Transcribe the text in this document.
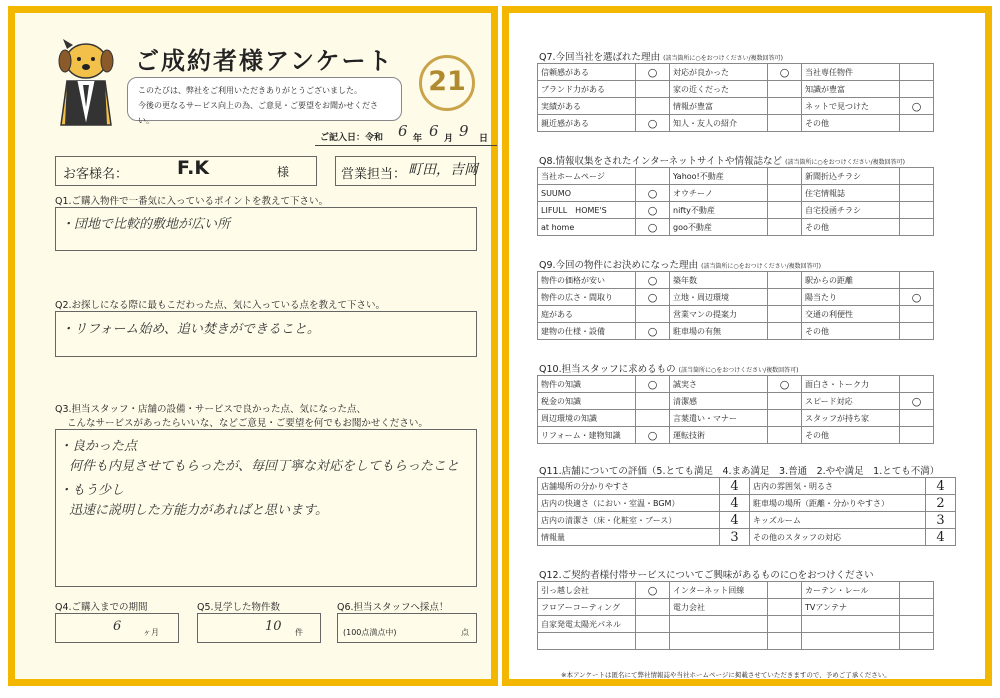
ご成約者様アンケート
このたびは、弊社をご利用いただきありがとうございました。
今後の更なるサービス向上の為、ご意見・ご要望をお聞かせください。
21
ご記入日：令和 6 年 6 月 9 日
お客様名：	F.K	様	営業担当： 町田，吉岡
Q1.ご購入物件で一番気に入っているポイントを教えて下さい。
・団地で比較的敷地が広い所
Q2.お探しになる際に最もこだわった点、気に入っている点を教えて下さい。
・リフォーム始め、追い焚きができること。
Q3.担当スタッフ・店舗の設備・サービスで良かった点、気になった点、
こんなサービスがあったらいいな、などご意見・ご要望を何でもお聞かせください。
・良かった点
何件も内見させてもらったが、毎回丁寧な対応をしてもらったこと
・もう少し
迅速に説明した方能力があればと思います。
Q4.ご購入までの期間
6	ヶ月
Q5.見学した物件数
10 件
Q6.担当スタッフへ採点！
(100点満点中)	点
Q7.今回当社を選ばれた理由 (該当箇所に○をおつけください/複数回答可)
信頼感がある	○	対応が良かった	○	当社専任物件	
ブランド力がある		家の近くだった		知識が豊富	
実績がある		情報が豊富		ネットで見つけた	○
親近感がある	○	知人・友人の紹介		その他	
Q8.情報収集をされたインターネットサイトや情報誌など (該当箇所に○をおつけください/複数回答可)
当社ホームページ		Yahoo!不動産		新聞折込チラシ	
SUUMO	○	オウチーノ		住宅情報誌	
LIFULL　HOME'S	○	nifty不動産		自宅投函チラシ	
at home	○	goo不動産		その他	
Q9.今回の物件にお決めになった理由 (該当箇所に○をおつけください/複数回答可)
物件の価格が安い	○	築年数		駅からの距離	
物件の広さ・間取り	○	立地・周辺環境		陽当たり	○
庭がある		営業マンの提案力		交通の利便性	
建物の仕様・設備	○	駐車場の有無		その他	
Q10.担当スタッフに求めるもの (該当箇所に○をおつけください/複数回答可)
物件の知識	○	誠実さ	○	面白さ・トーク力	
税金の知識		清潔感		スピード対応	○
周辺環境の知識		言葉遣い・マナー		スタッフが持ち家	
リフォーム・建物知識	○	運転技術		その他	
Q11.店舗についての評価（5.とても満足　4.まあ満足　3.普通　2.やや満足　1.とても不満）
店舗場所の分かりやすさ	4	店内の雰囲気・明るさ	4
店内の快適さ（におい・室温・BGM）	4	駐車場の場所（距離・分かりやすさ）	2
店内の清潔さ（床・化粧室・ブース）	4	キッズルーム	3
情報量	3	その他のスタッフの対応	4
Q12.ご契約者様付帯サービスについてご興味があるものに○をおつけください
引っ越し会社	○	インターネット回線		カーテン・レール	
フロアーコーティング		電力会社		TVアンテナ	
自家発電太陽光パネル					

※本アンケートは匿名にて弊社情報誌や当社ホームページに掲載させていただきますので、予めご了承ください。
